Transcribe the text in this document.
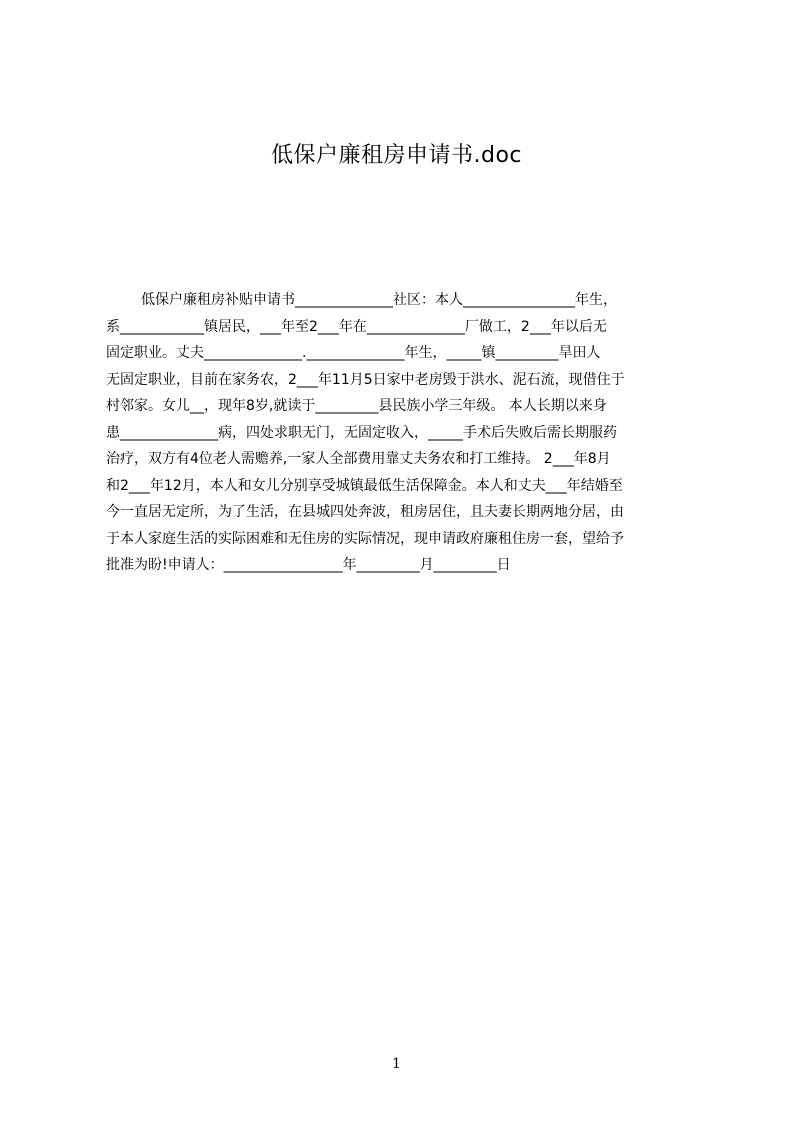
低保户廉租房申请书.doc
低保户廉租房补贴申请书______________社区：本人________________年生，
系____________镇居民，___年至2___年在______________厂做工，2___年以后无
固定职业。丈夫______________.______________年生，_____镇_________旱田人
无固定职业，目前在家务农，2___年11月5日家中老房毁于洪水、泥石流，现借住于
村邻家。女儿__，现年8岁,就读于_________县民族小学三年级。 本人长期以来身
患______________病，四处求职无门，无固定收入，_____手术后失败后需长期服药
治疗，双方有4位老人需赡养,一家人全部费用靠丈夫务农和打工维持。 2___年8月
和2___年12月，本人和女儿分别享受城镇最低生活保障金。本人和丈夫___年结婚至
今一直居无定所，为了生活，在县城四处奔波，租房居住，且夫妻长期两地分居，由
于本人家庭生活的实际困难和无住房的实际情况，现申请政府廉租住房一套，望给予
批准为盼!申请人：_________________年_________月_________日
1
